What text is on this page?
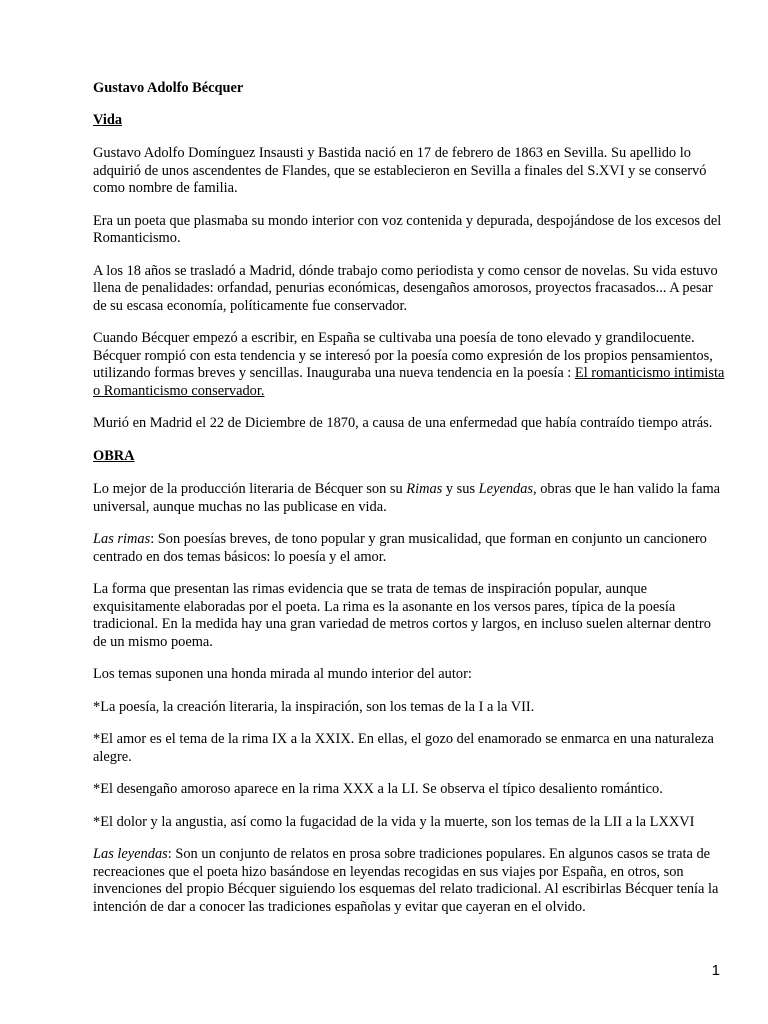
Gustavo Adolfo Bécquer

Vida

Gustavo Adolfo Domínguez Insausti y Bastida nació en 17 de febrero de 1863 en Sevilla. Su apellido lo adquirió de unos ascendentes de Flandes, que se establecieron en Sevilla a finales del S.XVI y se conservó como nombre de familia.

Era un poeta que plasmaba su mondo interior con voz contenida y depurada, despojándose de los excesos del Romanticismo.

A los 18 años se trasladó a Madrid, dónde trabajo como periodista y como censor de novelas. Su vida estuvo llena de penalidades: orfandad, penurias económicas, desengaños amorosos, proyectos fracasados... A pesar de su escasa economía, políticamente fue conservador.

Cuando Bécquer empezó a escribir, en España se cultivaba una poesía de tono elevado y grandilocuente. Bécquer rompió con esta tendencia y se interesó por la poesía como expresión de los propios pensamientos, utilizando formas breves y sencillas. Inauguraba una nueva tendencia en la poesía : El romanticismo intimista o Romanticismo conservador.

Murió en Madrid el 22 de Diciembre de 1870, a causa de una enfermedad que había contraído tiempo atrás.

OBRA

Lo mejor de la producción literaria de Bécquer son su Rimas y sus Leyendas, obras que le han valido la fama universal, aunque muchas no las publicase en vida.

Las rimas: Son poesías breves, de tono popular y gran musicalidad, que forman en conjunto un cancionero centrado en dos temas básicos: lo poesía y el amor.

La forma que presentan las rimas evidencia que se trata de temas de inspiración popular, aunque exquisitamente elaboradas por el poeta. La rima es la asonante en los versos pares, típica de la poesía tradicional. En la medida hay una gran variedad de metros cortos y largos, en incluso suelen alternar dentro de un mismo poema.

Los temas suponen una honda mirada al mundo interior del autor:

*La poesía, la creación literaria, la inspiración, son los temas de la I a la VII.

*El amor es el tema de la rima IX a la XXIX. En ellas, el gozo del enamorado se enmarca en una naturaleza alegre.

*El desengaño amoroso aparece en la rima XXX a la LI. Se observa el típico desaliento romántico.

*El dolor y la angustia, así como la fugacidad de la vida y la muerte, son los temas de la LII a la LXXVI

Las leyendas: Son un conjunto de relatos en prosa sobre tradiciones populares. En algunos casos se trata de recreaciones que el poeta hizo basándose en leyendas recogidas en sus viajes por España, en otros, son invenciones del propio Bécquer siguiendo los esquemas del relato tradicional. Al escribirlas Bécquer tenía la intención de dar a conocer las tradiciones españolas y evitar que cayeran en el olvido.

1
